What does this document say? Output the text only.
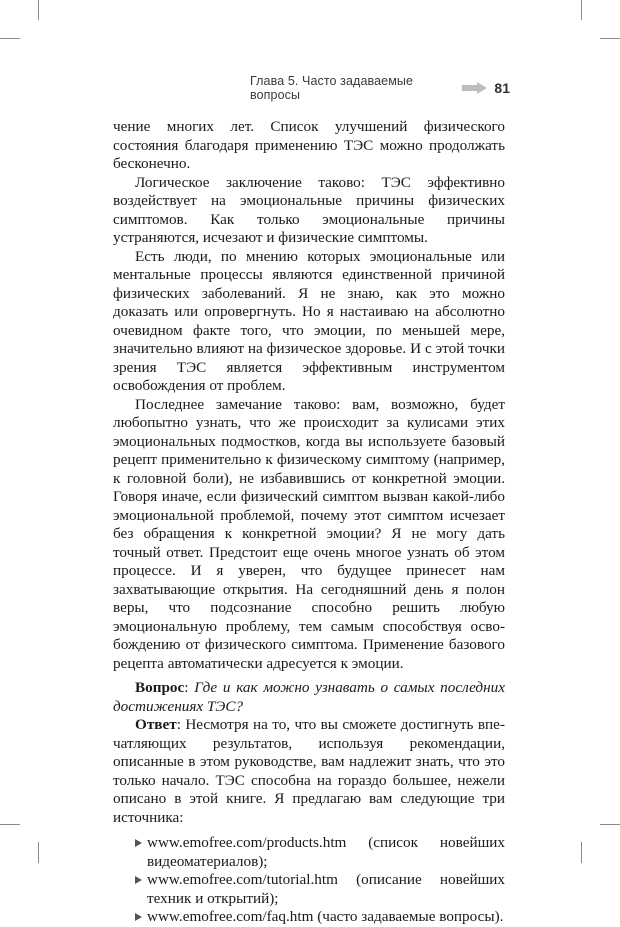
Глава 5. Часто задаваемые вопросы	81

чение многих лет. Список улучшений физического состояния благодаря применению ТЭС можно продолжать бесконечно.

Логическое заключение таково: ТЭС эффективно воздействует на эмоциональные причины физических симптомов. Как только эмоциональные причины устраняются, исчезают и физические симптомы.

Есть люди, по мнению которых эмоциональные или ментальные процессы являются единственной причиной физических заболеваний. Я не знаю, как это можно доказать или опровергнуть. Но я настаиваю на абсолютно очевидном факте того, что эмоции, по меньшей мере, значительно влияют на физическое здоровье. И с этой точки зрения ТЭС является эффективным инструментом освобождения от проблем.

Последнее замечание таково: вам, возможно, будет любопытно узнать, что же происходит за кулисами этих эмоциональных подмостков, когда вы используете базовый рецепт применительно к физическому симптому (например, к головной боли), не избавившись от конкретной эмоции. Говоря иначе, если физический симптом вызван какой-либо эмоциональной проблемой, почему этот симптом исчезает без обращения к конкретной эмоции? Я не могу дать точный ответ. Предстоит еще очень многое узнать об этом процессе. И я уверен, что будущее принесет нам захватывающие открытия. На сегодняшний день я полон веры, что подсознание способно решить любую эмоциональную проблему, тем самым способствуя освобождению от физического симптома. Применение базового рецепта автоматически адресуется к эмоции.

Вопрос: Где и как можно узнавать о самых последних достижениях ТЭС?

Ответ: Несмотря на то, что вы сможете достигнуть впечатляющих результатов, используя рекомендации, описанные в этом руководстве, вам надлежит знать, что это только начало. ТЭС способна на гораздо большее, нежели описано в этой книге. Я предлагаю вам следующие три источника:

www.emofree.com/products.htm (список новейших видеоматериалов);
www.emofree.com/tutorial.htm (описание новейших техник и открытий);
www.emofree.com/faq.htm (часто задаваемые вопросы).
